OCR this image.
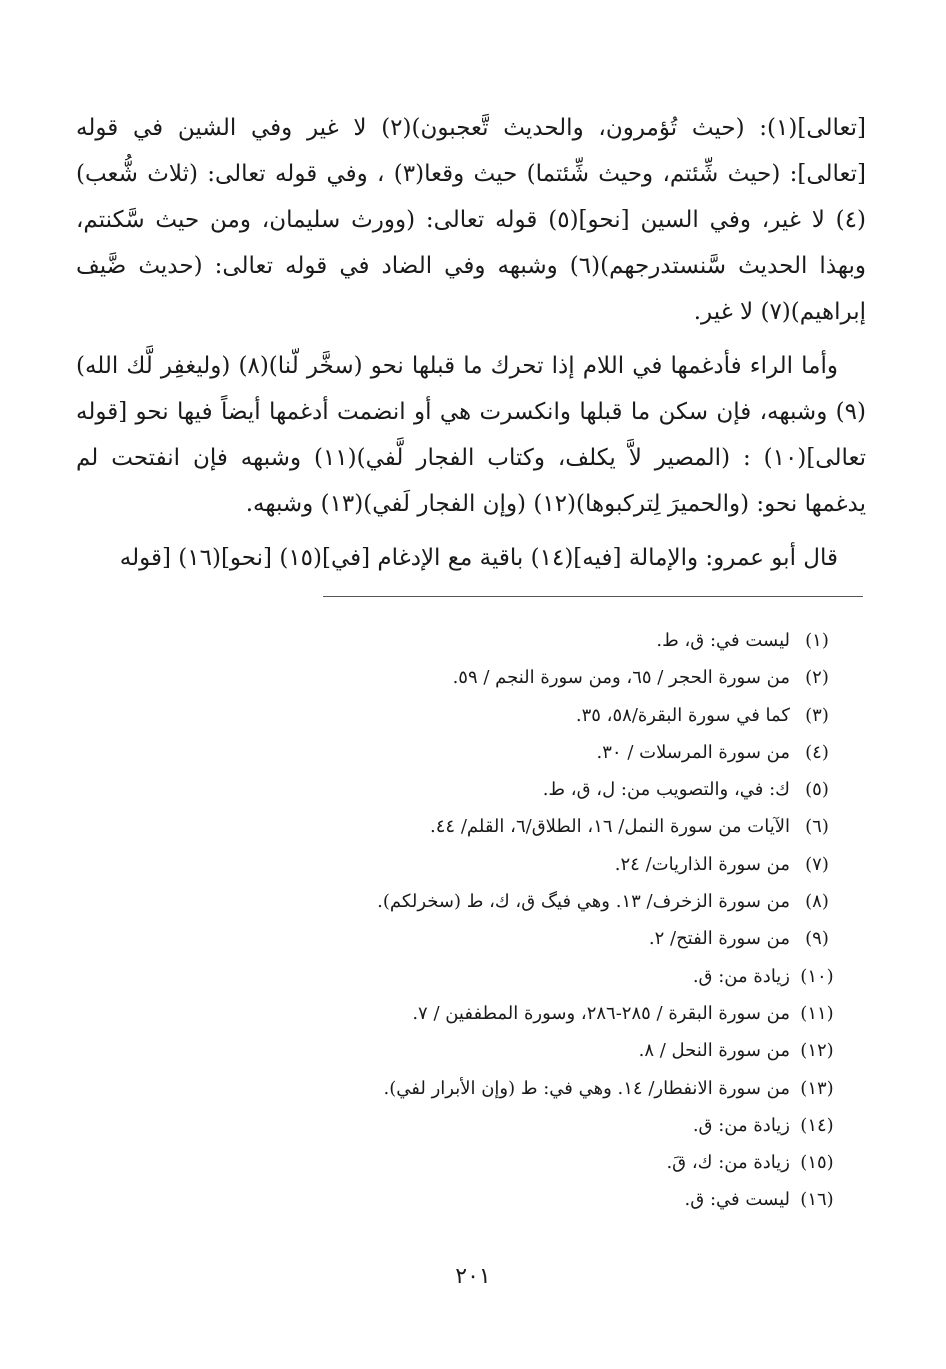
[تعالى](١): (حيث تُؤمرون، والحديث تَّعجبون)(٢) لا غير وفي الشين في قوله [تعالى]: (حيث شِّئتم، وحيث شِّئتما) حيث وقعا(٣) ، وفي قوله تعالى: (ثلاث شُّعب)(٤) لا غير، وفي السين [نحو](٥) قوله تعالى: (وورث سليمان، ومن حيث سَّكنتم، وبهذا الحديث سَّنستدرجهم)(٦) وشبهه وفي الضاد في قوله تعالى: (حديث ضَّيف إبراهيم)(٧) لا غير.

وأما الراء فأدغمها في اللام إذا تحرك ما قبلها نحو (سخَّر لّنا)(٨) (وليغفِر لَّك الله)(٩) وشبهه، فإن سكن ما قبلها وانكسرت هي أو انضمت أدغمها أيضاً فيها نحو [قوله تعالى](١٠) : (المصير لاَّ يكلف، وكتاب الفجار لَّفي)(١١) وشبهه فإن انفتحت لم يدغمها نحو: (والحميرَ لِتركبوها)(١٢) (وإن الفجار لَفي)(١٣) وشبهه.

قال أبو عمرو: والإمالة [فيه](١٤) باقية مع الإدغام [في](١٥) [نحو](١٦) [قوله

(١)
ليست في: ق، ط.
(٢)
من سورة الحجر / ٦٥، ومن سورة النجم / ٥٩.
(٣)
كما في سورة البقرة/٥٨، ٣٥.
(٤)
من سورة المرسلات / ٣٠.
(٥)
ك: في، والتصويب من: ل، ق، ط.
(٦)
الآيات من سورة النمل/ ١٦، الطلاق/٦، القلم/ ٤٤.
(٧)
من سورة الذاريات/ ٢٤.
(٨)
من سورة الزخرف/ ١٣. وهي فيگ ق، ك، ط (سخرلكم).
(٩)
من سورة الفتح/ ٢.
(١٠)
زيادة من: ق.
(١١)
من سورة البقرة / ٢٨٥-٢٨٦، وسورة المطففين / ٧.
(١٢)
من سورة النحل / ٨.
(١٣)
من سورة الانفطار/ ١٤. وهي في: ط (وإن الأبرار لفي).
(١٤)
زيادة من: ق.
(١٥)
زيادة من: ك، قَ.
(١٦)
ليست في: ق.
٢٠١
